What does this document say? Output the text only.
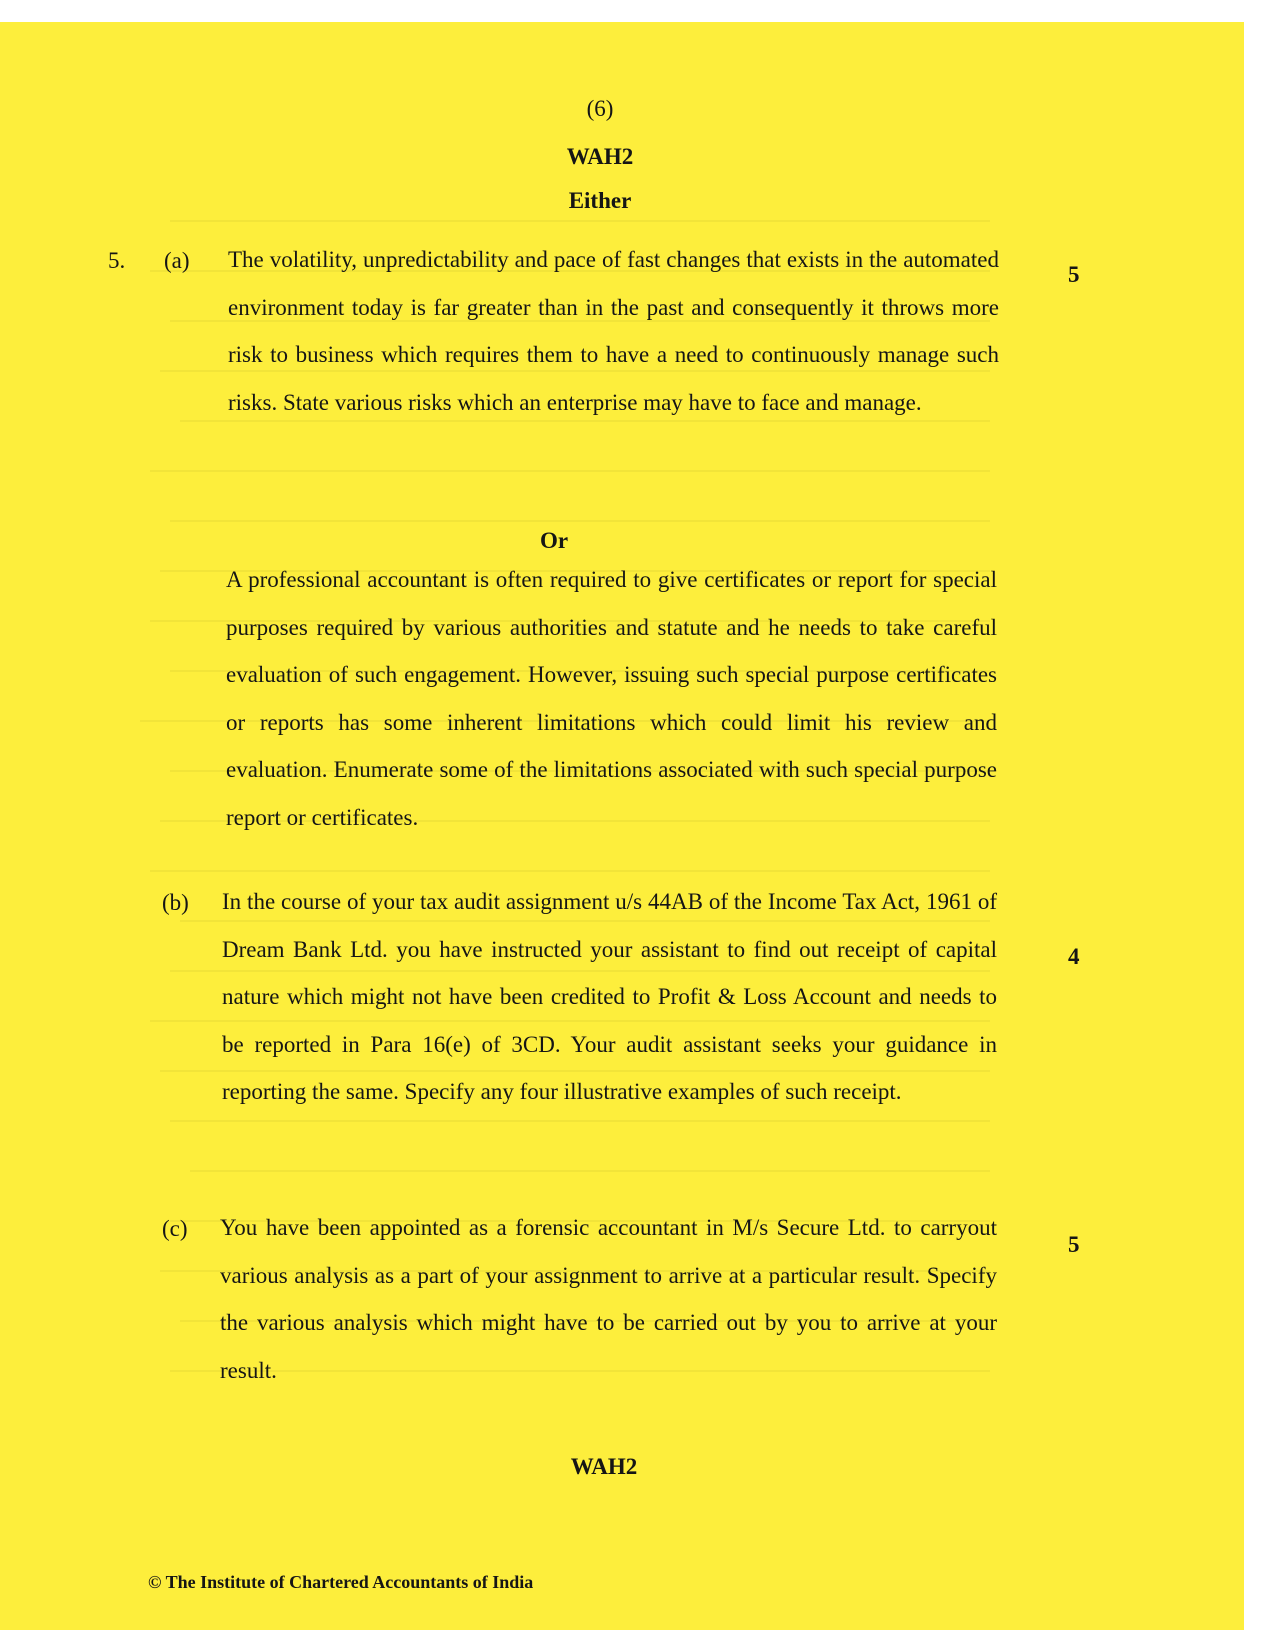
(6)
WAH2
Either
5. (a) The volatility, unpredictability and pace of fast changes that exists in the automated environment today is far greater than in the past and consequently it throws more risk to business which requires them to have a need to continuously manage such risks. State various risks which an enterprise may have to face and manage.

5
Or

A professional accountant is often required to give certificates or report for special purposes required by various authorities and statute and he needs to take careful evaluation of such engagement. However, issuing such special purpose certificates or reports has some inherent limitations which could limit his review and evaluation. Enumerate some of the limitations associated with such special purpose report or certificates.

(b) In the course of your tax audit assignment u/s 44AB of the Income Tax Act, 1961 of Dream Bank Ltd. you have instructed your assistant to find out receipt of capital nature which might not have been credited to Profit & Loss Account and needs to be reported in Para 16(e) of 3CD. Your audit assistant seeks your guidance in reporting the same. Specify any four illustrative examples of such receipt.

4
(c) You have been appointed as a forensic accountant in M/s Secure Ltd. to carryout various analysis as a part of your assignment to arrive at a particular result. Specify the various analysis which might have to be carried out by you to arrive at your result.

5
WAH2
© The Institute of Chartered Accountants of India
